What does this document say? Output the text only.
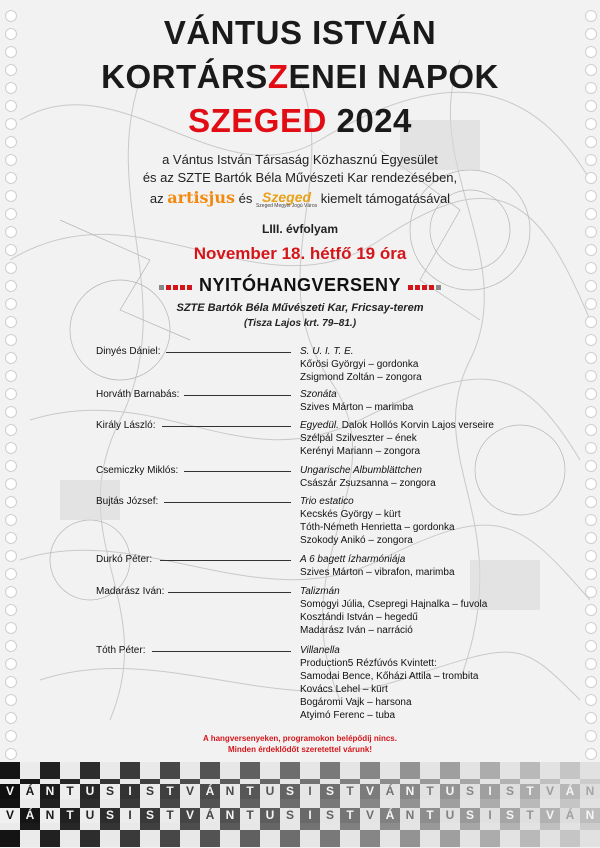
VÁNTUS ISTVÁN
KORTÁRSZENEI NAPOK
SZEGED 2024
a Vántus István Társaság Közhasznú Egyesület
és az SZTE Bartók Béla Művészeti Kar rendezésében,
az artisjus és Szeged
Szeged Megyei Jogú Város
kiemelt támogatásával
LIII. évfolyam
November 18. hétfő 19 óra
NYITÓHANGVERSENY
SZTE Bartók Béla Művészeti Kar, Fricsay-terem
(Tisza Lajos krt. 79–81.)
Dinyés Dániel:	S. U. I. T. E.
Kőrösi Györgyi – gordonka
Zsigmond Zoltán – zongora
Horváth Barnabás:	Szonáta
Szives Márton – marimba
Király László:	Egyedül. Dalok Hollós Korvin Lajos verseire
Szélpál Szilveszter – ének
Kerényi Mariann – zongora
Csemiczky Miklós:	Ungarische Albumblättchen
Császár Zsuzsanna – zongora
Bujtás József:	Trio estatico
Kecskés György – kürt
Tóth-Németh Henrietta – gordonka
Szokody Anikó – zongora
Durkó Péter:	A 6 bagett ízharmóniája
Szives Márton – vibrafon, marimba
Madarász Iván:	Talizmán
Somogyi Júlia, Csepregi Hajnalka – fuvola
Kosztándi István – hegedű
Madarász Iván – narráció
Tóth Péter:	Villanella
Production5 Rézfúvós Kvintett:
Samodai Bence, Kőházi Attila – trombita
Kovács Lehel – kürt
Bogáromi Vajk – harsona
Atyimó Ferenc – tuba
A hangversenyeken, programokon belépődíj nincs.
Minden érdeklődőt szeretettel várunk!
V Á N	T U S	I	S	T	V Á N	T U S	I	S	T	V Á N	T U S	I	S	T	V Á N
V Á N	T U S	I	S	T	V Á N	T U S	I	S	T	V Á N	T U S	I	S	T	V Á N
